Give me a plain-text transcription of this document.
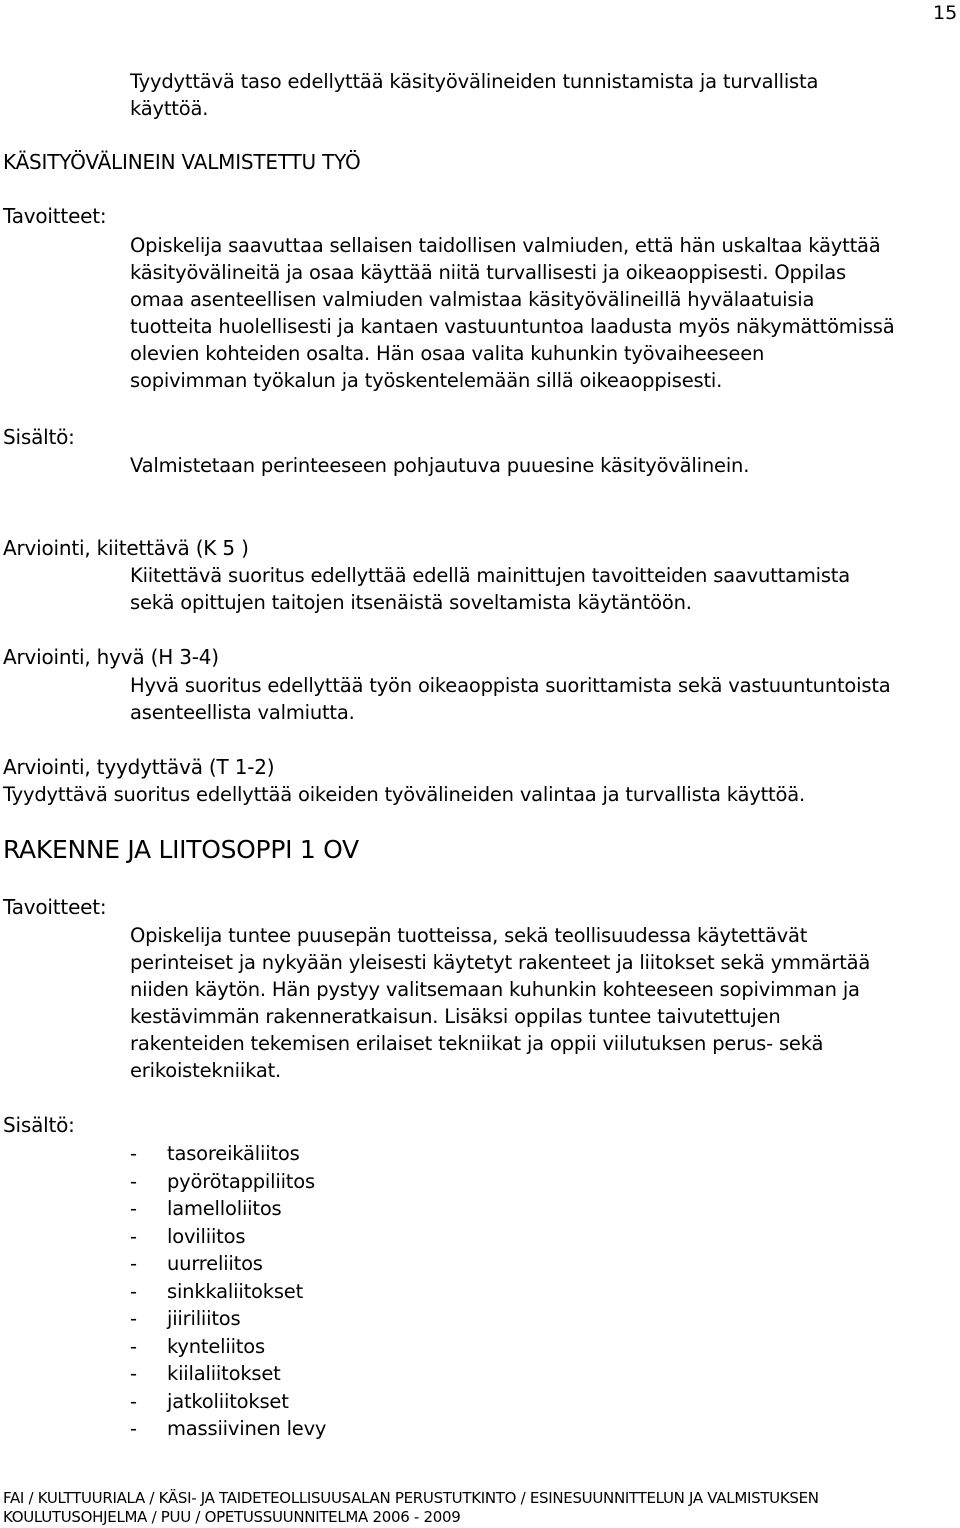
15
Tyydyttävä taso edellyttää käsityövälineiden tunnistamista ja turvallista
käyttöä.
KÄSITYÖVÄLINEIN VALMISTETTU TYÖ
Tavoitteet:
Opiskelija saavuttaa sellaisen taidollisen valmiuden, että hän uskaltaa käyttää
käsityövälineitä ja osaa käyttää niitä turvallisesti ja oikeaoppisesti. Oppilas
omaa asenteellisen valmiuden valmistaa käsityövälineillä hyvälaatuisia
tuotteita huolellisesti ja kantaen vastuuntuntoa laadusta myös näkymättömissä
olevien kohteiden osalta. Hän osaa valita kuhunkin työvaiheeseen
sopivimman työkalun ja työskentelemään sillä oikeaoppisesti.
Sisältö:
Valmistetaan perinteeseen pohjautuva puuesine käsityövälinein.
Arviointi, kiitettävä (K 5 )
Kiitettävä suoritus edellyttää edellä mainittujen tavoitteiden saavuttamista
sekä opittujen taitojen itsenäistä soveltamista käytäntöön.
Arviointi, hyvä (H 3-4)
Hyvä suoritus edellyttää työn oikeaoppista suorittamista sekä vastuuntuntoista
asenteellista valmiutta.
Arviointi, tyydyttävä (T 1-2)
Tyydyttävä suoritus edellyttää oikeiden työvälineiden valintaa ja turvallista käyttöä.
RAKENNE JA LIITOSOPPI 1 OV
Tavoitteet:
Opiskelija tuntee puusepän tuotteissa, sekä teollisuudessa käytettävät
perinteiset ja nykyään yleisesti käytetyt rakenteet ja liitokset sekä ymmärtää
niiden käytön. Hän pystyy valitsemaan kuhunkin kohteeseen sopivimman ja
kestävimmän rakenneratkaisun. Lisäksi oppilas tuntee taivutettujen
rakenteiden tekemisen erilaiset tekniikat ja oppii viilutuksen perus- sekä
erikoistekniikat.
Sisältö:
-	tasoreikäliitos
-	pyörötappiliitos
-	lamelloliitos
-	loviliitos
-	uurreliitos
-	sinkkaliitokset
-	jiiriliitos
-	kynteliitos
-	kiilaliitokset
-	jatkoliitokset
-	massiivinen levy
FAI / KULTTUURIALA / KÄSI- JA TAIDETEOLLISUUSALAN PERUSTUTKINTO / ESINESUUNNITTELUN JA VALMISTUKSEN
KOULUTUSOHJELMA / PUU / OPETUSSUUNNITELMA 2006 - 2009
